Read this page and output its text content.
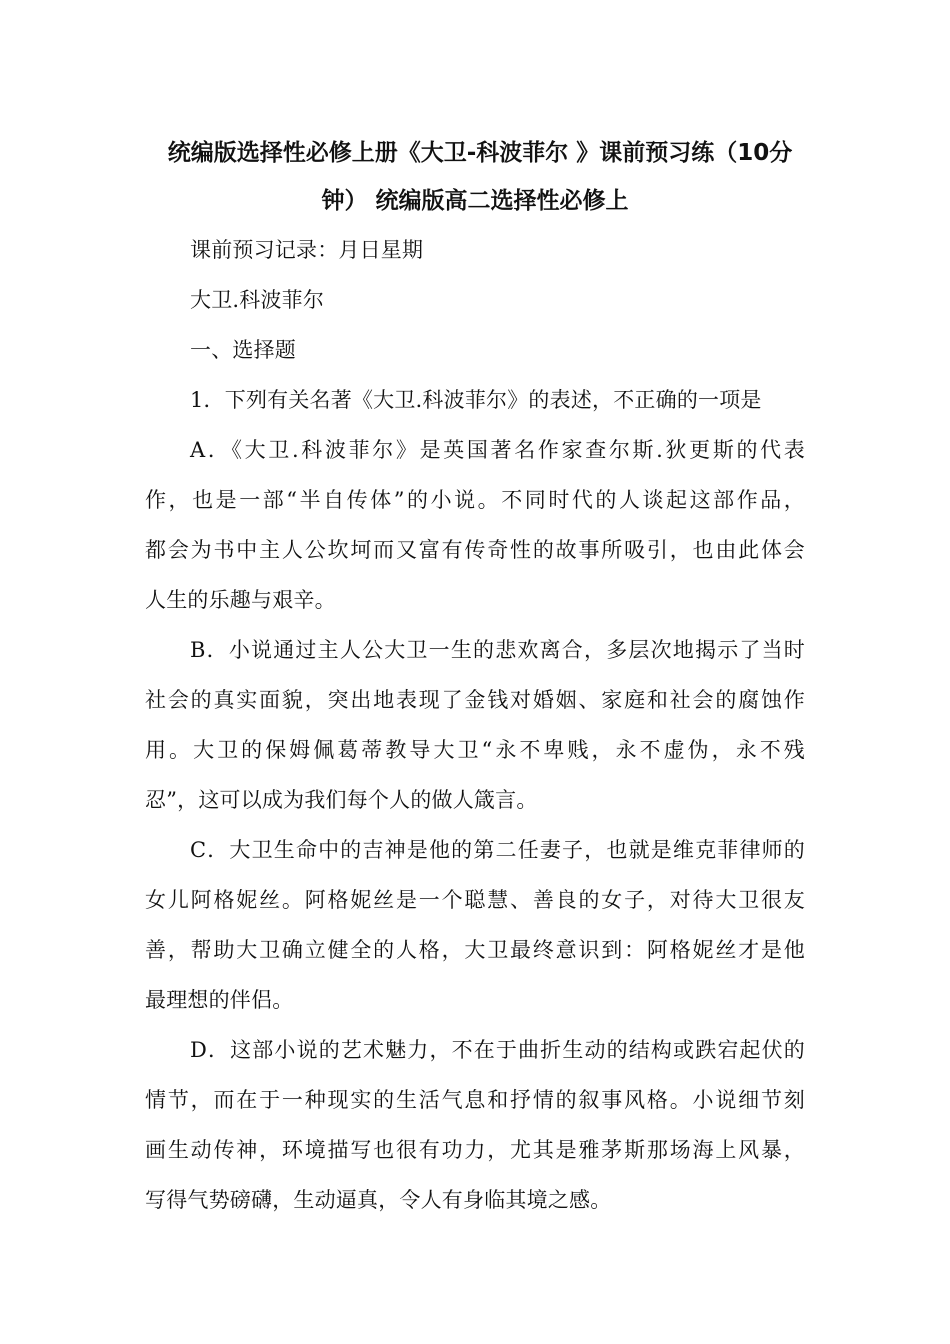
统编版选择性必修上册《大卫-科波菲尔 》课前预习练（10分
钟） 统编版高二选择性必修上
课前预习记录：月日星期
大卫.科波菲尔
一、选择题
1．下列有关名著《大卫.科波菲尔》的表述，不正确的一项是
A．《大卫.科波菲尔》是英国著名作家查尔斯.狄更斯的代表
作，也是一部“半自传体”的小说。不同时代的人谈起这部作品，
都会为书中主人公坎坷而又富有传奇性的故事所吸引，也由此体会
人生的乐趣与艰辛。
B．小说通过主人公大卫一生的悲欢离合，多层次地揭示了当时
社会的真实面貌，突出地表现了金钱对婚姻、家庭和社会的腐蚀作
用。大卫的保姆佩葛蒂教导大卫“永不卑贱，永不虚伪，永不残
忍”，这可以成为我们每个人的做人箴言。
C．大卫生命中的吉神是他的第二任妻子，也就是维克菲律师的
女儿阿格妮丝。阿格妮丝是一个聪慧、善良的女子，对待大卫很友
善，帮助大卫确立健全的人格，大卫最终意识到：阿格妮丝才是他
最理想的伴侣。
D．这部小说的艺术魅力，不在于曲折生动的结构或跌宕起伏的
情节，而在于一种现实的生活气息和抒情的叙事风格。小说细节刻
画生动传神，环境描写也很有功力，尤其是雅茅斯那场海上风暴，
写得气势磅礴，生动逼真，令人有身临其境之感。
